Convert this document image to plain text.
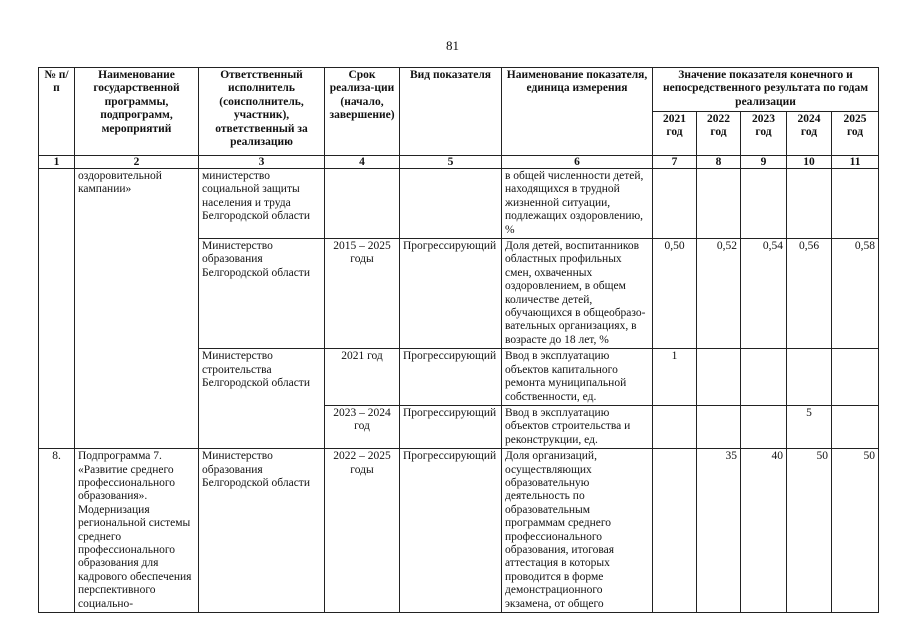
81
№ п/п	Наименование государственной программы, подпрограмм, мероприятий	Ответственный исполнитель (соисполнитель, участник), ответственный за реализацию	Срок реализа-ции (начало, завершение)	Вид показателя	Наименование показателя, единица измерения	Значение показателя конечного и непосредственного результата по годам реализации				
						2021 год	2022 год	2023 год	2024 год	2025 год
1	2	3	4	5	6	7	8	9	10	11
	оздоровительной кампании»	министерство социальной защиты населения и труда Белгородской области			в общей численности детей, находящихся в трудной жизненной ситуации, подлежащих оздоровлению, %					
		Министерство образования Белгородской области	2015 – 2025 годы	Прогрессирующий	Доля детей, воспитанников областных профильных смен, охваченных оздоровлением, в общем количестве детей, обучающихся в общеобразо-вательных организациях, в возрасте до 18 лет, %	0,50	0,52	0,54	0,56	0,58
		Министерство строительства Белгородской области	2021 год	Прогрессирующий	Ввод в эксплуатацию объектов капитального ремонта муниципальной собственности, ед.	1				
			2023 – 2024 год	Прогрессирующий	Ввод в эксплуатацию объектов строительства и реконструкции, ед.				5	
8.	Подпрограмма 7. «Развитие среднего профессионального образования». Модернизация региональной системы среднего профессионального образования для кадрового обеспечения перспективного социально-	Министерство образования Белгородской области	2022 – 2025 годы	Прогрессирующий	Доля организаций, осуществляющих образовательную деятельность по образовательным программам среднего профессионального образования, итоговая аттестация в которых проводится в форме демонстрационного экзамена, от общего		35	40	50	50
